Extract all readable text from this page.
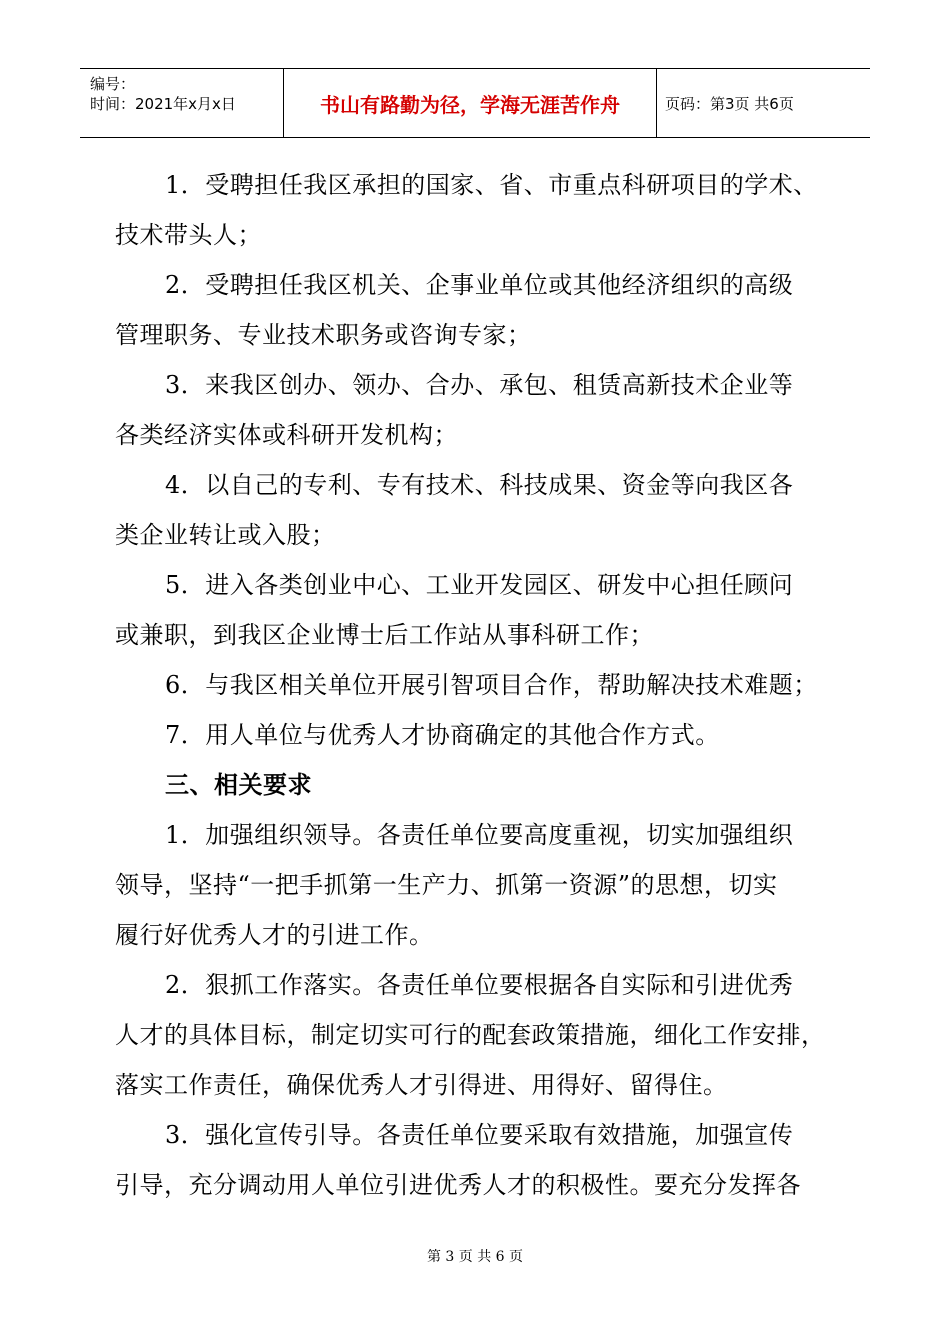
编号：
时间：2021年x月x日	书山有路勤为径，学海无涯苦作舟	页码：第3页 共6页
1．受聘担任我区承担的国家、省、市重点科研项目的学术、
技术带头人；
2．受聘担任我区机关、企事业单位或其他经济组织的高级
管理职务、专业技术职务或咨询专家；
3．来我区创办、领办、合办、承包、租赁高新技术企业等
各类经济实体或科研开发机构；
4．以自己的专利、专有技术、科技成果、资金等向我区各
类企业转让或入股；
5．进入各类创业中心、工业开发园区、研发中心担任顾问
或兼职，到我区企业博士后工作站从事科研工作；
6．与我区相关单位开展引智项目合作，帮助解决技术难题；
7．用人单位与优秀人才协商确定的其他合作方式。
三、相关要求
1．加强组织领导。各责任单位要高度重视，切实加强组织
领导，坚持“一把手抓第一生产力、抓第一资源”的思想，切实
履行好优秀人才的引进工作。
2．狠抓工作落实。各责任单位要根据各自实际和引进优秀
人才的具体目标，制定切实可行的配套政策措施，细化工作安排，
落实工作责任，确保优秀人才引得进、用得好、留得住。
3．强化宣传引导。各责任单位要采取有效措施，加强宣传
引导，充分调动用人单位引进优秀人才的积极性。要充分发挥各
第 3 页 共 6 页
